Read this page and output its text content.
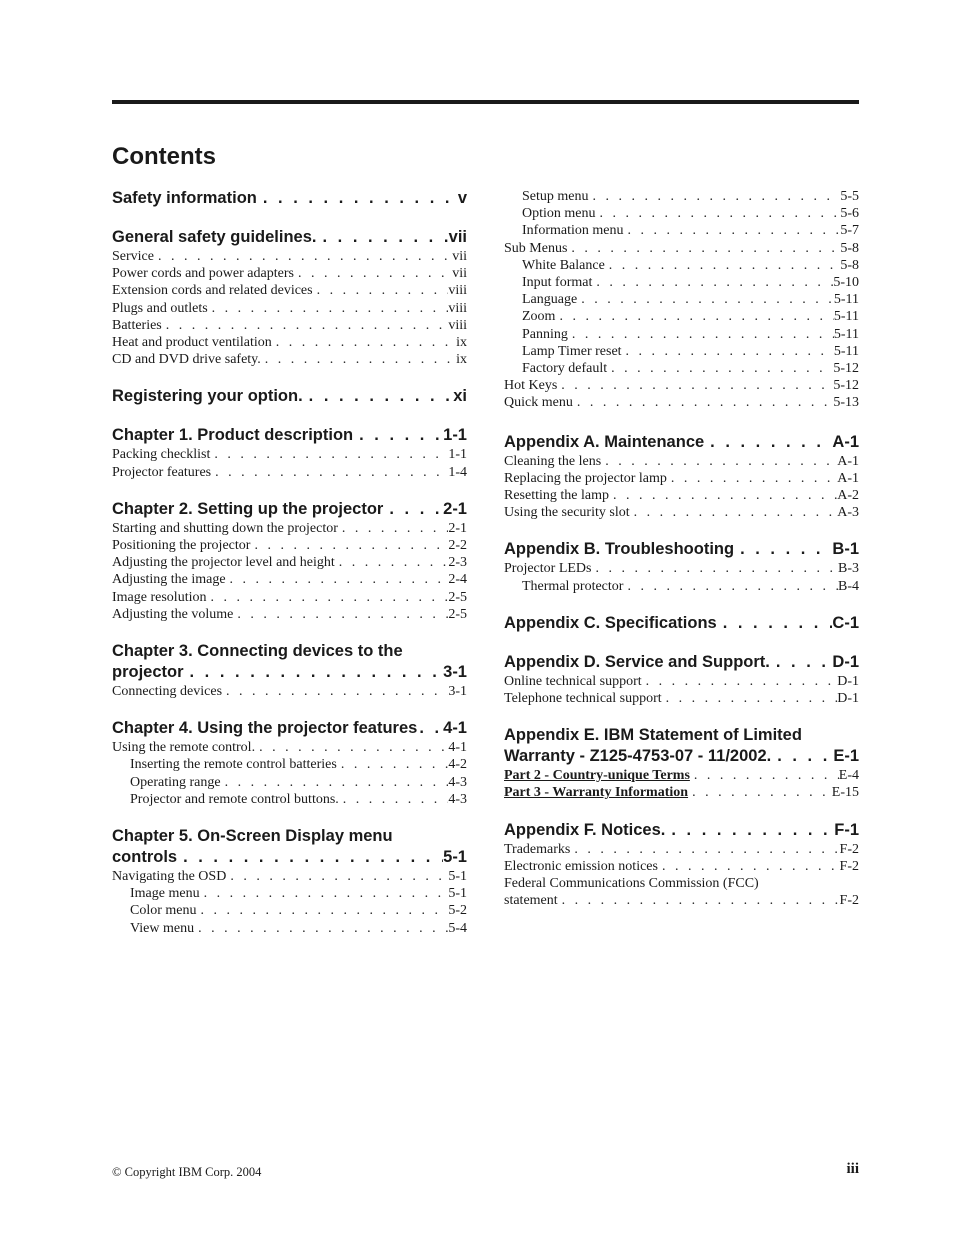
Contents
Safety information . . .	v
General safety guidelines. . . .	vii
Service . . .	vii
Power cords and power adapters . . .	vii
Extension cords and related devices . . .	viii
Plugs and outlets . . .	viii
Batteries . . .	viii
Heat and product ventilation . . .	ix
CD and DVD drive safety. . . .	ix
Registering your option. . . .	xi
Chapter 1. Product description . . .	1-1
Packing checklist . . .	1-1
Projector features . . .	1-4
Chapter 2. Setting up the projector . . .	2-1
Starting and shutting down the projector . . .	2-1
Positioning the projector . . .	2-2
Adjusting the projector level and height . . .	2-3
Adjusting the image . . .	2-4
Image resolution . . .	2-5
Adjusting the volume . . .	2-5
Chapter 3. Connecting devices to the
projector . . .	3-1
Connecting devices . . .	3-1
Chapter 4. Using the projector features . . . 4-1
Using the remote control. . . .	4-1
Inserting the remote control batteries . . .	4-2
Operating range . . .	4-3
Projector and remote control buttons. . . .	4-3
Chapter 5. On-Screen Display menu
controls . . .	5-1
Navigating the OSD . . .	5-1
Image menu . . .	5-1
Color menu . . .	5-2
View menu . . .	5-4
Setup menu . . .	5-5
Option menu . . .	5-6
Information menu . . .	5-7
Sub Menus . . .	5-8
White Balance . . .	5-8
Input format . . .	5-10
Language . . .	5-11
Zoom . . .	5-11
Panning . . .	5-11
Lamp Timer reset . . .	5-11
Factory default . . .	5-12
Hot Keys . . .	5-12
Quick menu . . .	5-13
Appendix A. Maintenance . . .	A-1
Cleaning the lens . . .	A-1
Replacing the projector lamp . . .	A-1
Resetting the lamp . . .	A-2
Using the security slot . . .	A-3
Appendix B. Troubleshooting . . .	B-1
Projector LEDs . . .	B-3
Thermal protector . . .	B-4
Appendix C. Specifications . . .	C-1
Appendix D. Service and Support. . . .	D-1
Online technical support . . .	D-1
Telephone technical support . . .	D-1
Appendix E. IBM Statement of Limited
Warranty - Z125-4753-07 - 11/2002. . . .	E-1
Part 2 - Country-unique Terms . . .	E-4
Part 3 - Warranty Information . . .	E-15
Appendix F. Notices. . . .	F-1
Trademarks . . .	F-2
Electronic emission notices . . .	F-2
Federal Communications Commission (FCC)
statement . . .	F-2
© Copyright IBM Corp. 2004	iii
